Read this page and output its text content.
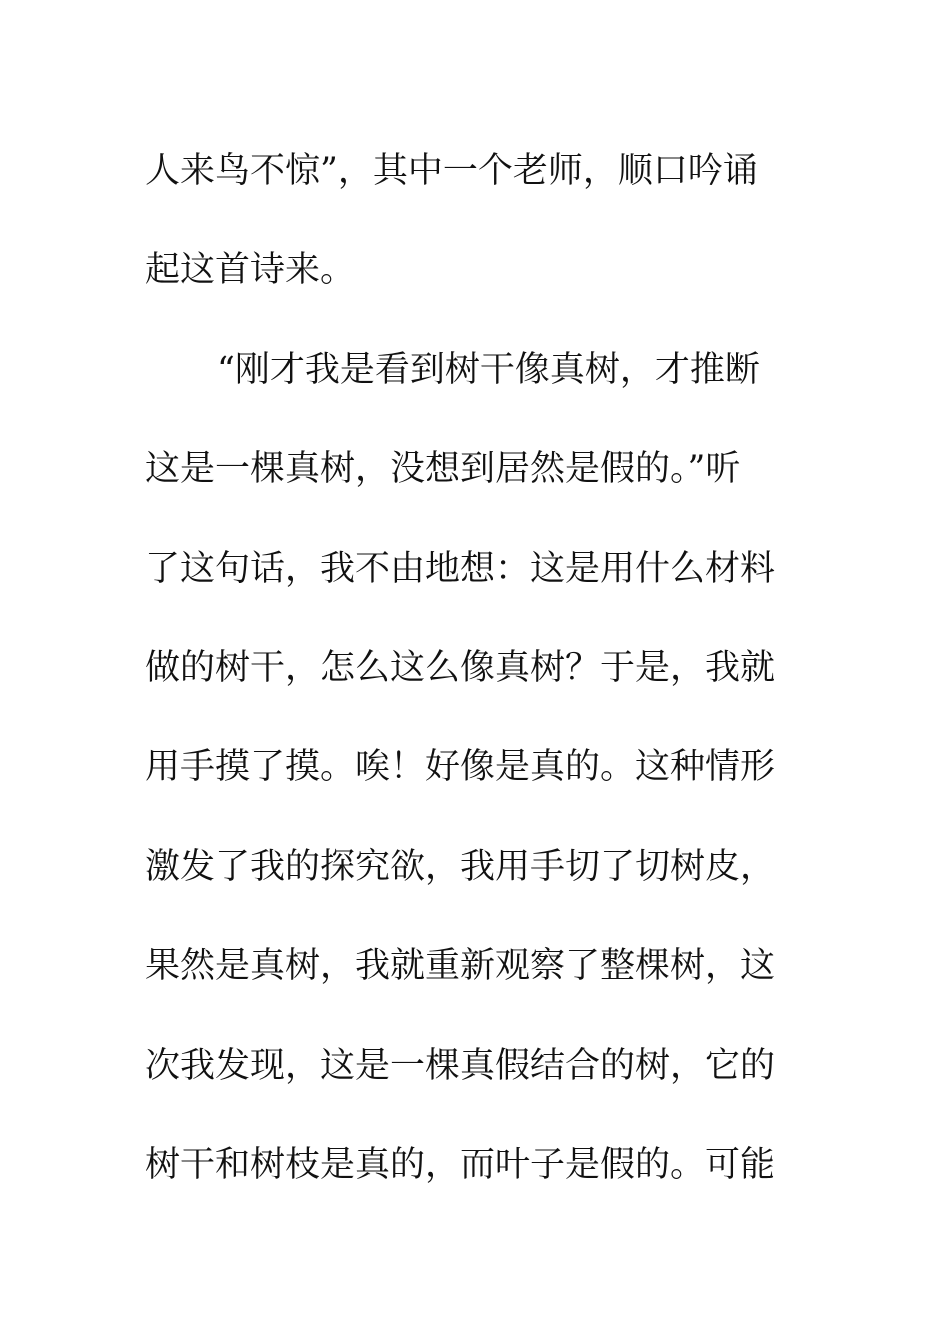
人来鸟不惊”，其中一个老师，顺口吟诵
起这首诗来。
“刚才我是看到树干像真树，才推断
这是一棵真树，没想到居然是假的。”听
了这句话，我不由地想：这是用什么材料
做的树干，怎么这么像真树？于是，我就
用手摸了摸。唉！好像是真的。这种情形
激发了我的探究欲，我用手切了切树皮，
果然是真树，我就重新观察了整棵树，这
次我发现，这是一棵真假结合的树，它的
树干和树枝是真的，而叶子是假的。可能
